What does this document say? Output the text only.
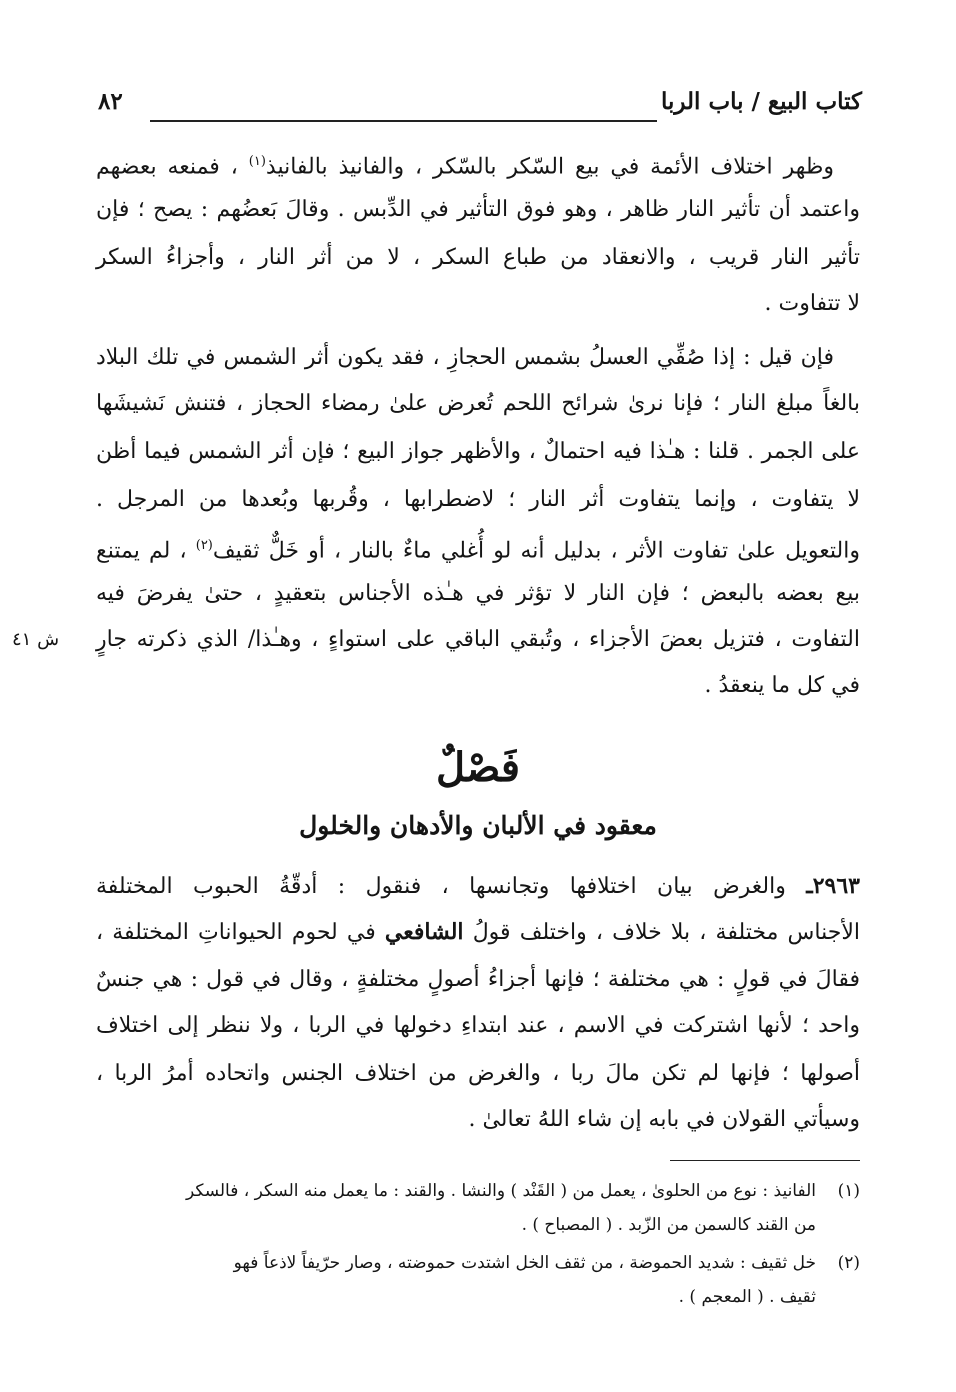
كتاب البيع / باب الربا
٨٢
وظهر اختلاف الأئمة في بيع السّكر بالسّكر ، والفانيذ بالفانيذ$^{(١)}$ ، فمنعه بعضهم
واعتمد أن تأثير النار ظاهر ، وهو فوق التأثير في الدِّبس . وقالَ بَعضُهم : يصح ؛ فإن
تأثير النار قريب ، والانعقاد من طباع السكر ، لا من أثر النار ، وأجزاءُ السكر
لا تتفاوت .
فإن قيل : إذا صُفِّي العسلُ بشمس الحجازِ ، فقد يكون أثر الشمس في تلك البلاد
بالغاً مبلغ النار ؛ فإنا نرىٰ شرائح اللحم تُعرض علىٰ رمضاء الحجاز ، فتنش نَشيشَها
على الجمر . قلنا : هـٰذا فيه احتمالٌ ، والأظهر جواز البيع ؛ فإن أثر الشمس فيما أظن
لا يتفاوت ، وإنما يتفاوت أثر النار ؛ لاضطرابها ، وقُربها وبُعدها من المرجل .
والتعويل علىٰ تفاوت الأثر ، بدليل أنه لو أُغلي ماءٌ بالنار ، أو خَلٌّ ثقيف$^{(٢)}$ ، لم يمتنع
بيع بعضه بالبعض ؛ فإن النار لا تؤثر في هـٰذه الأجناس بتعقيدٍ ، حتىٰ يفرضَ فيه
التفاوت ، فتزيل بعضَ الأجزاء ، وتُبقي الباقي على استواءٍ ، وهـٰذا/ الذي ذكرته جارٍ
ش ٤١
في كل ما ينعقدُ .
فَصْلٌ
معقود في الألبان والأدهان والخلول
٢٩٦٣ـ والغرض بيان اختلافها وتجانسها ، فنقول : أدقّةُ الحبوب المختلفة
الأجناس مختلفة ، بلا خلاف ، واختلف قولُ الشافعي في لحوم الحيواناتِ المختلفة ،
فقالَ في قولٍ : هي مختلفة ؛ فإنها أجزاءُ أصولٍ مختلفةٍ ، وقال في قول : هي جنسٌ
واحد ؛ لأنها اشتركت في الاسم ، عند ابتداءِ دخولها في الربا ، ولا ننظر إلى اختلاف
أصولها ؛ فإنها لم تكن مالَ ربا ، والغرض من اختلاف الجنس واتحاده أمرُ الربا ،
وسيأتي القولان في بابه إن شاء اللهُ تعالىٰ .
(١)الفانيذ : نوع من الحلوىٰ ، يعمل من ( القَنْد ) والنشا . والقند : ما يعمل منه السكر ، فالسكر
من القند كالسمن من الزّبد . ( المصباح ) .
(٢)خل ثقيف : شديد الحموضة ، من ثقف الخل اشتدت حموضته ، وصار حرّيفاً لاذعاً فهو
ثقيف . ( المعجم ) .
